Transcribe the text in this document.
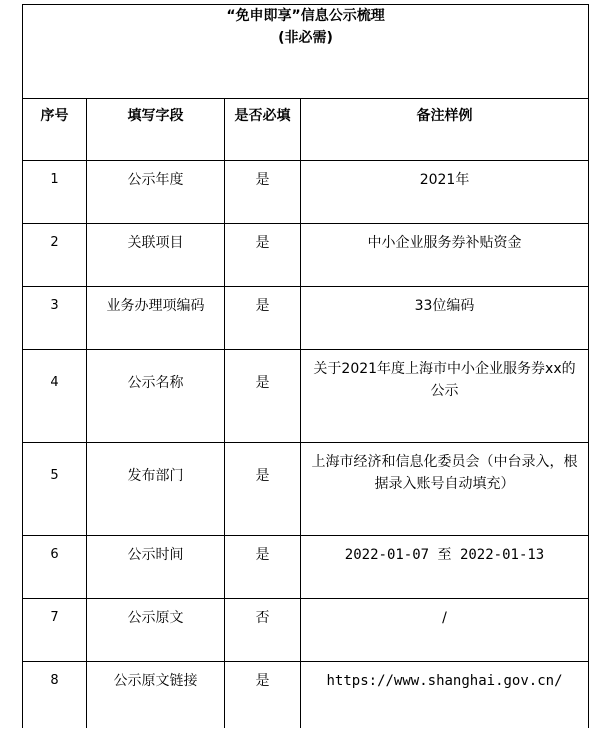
“免申即享”信息公示梳理
(非必需)			

序号	填写字段	是否必填	备注样例
1	公示年度	是	2021年
2	关联项目	是	中小企业服务券补贴资金
3	业务办理项编码	是	33位编码
4	公示名称	是	关于2021年度上海市中小企业服务券xx的公示
5	发布部门	是	上海市经济和信息化委员会（中台录入，根据录入账号自动填充）
6	公示时间	是	2022-01-07 至 2022-01-13
7	公示原文	否	/
8	公示原文链接	是	https://www.shanghai.gov.cn/
